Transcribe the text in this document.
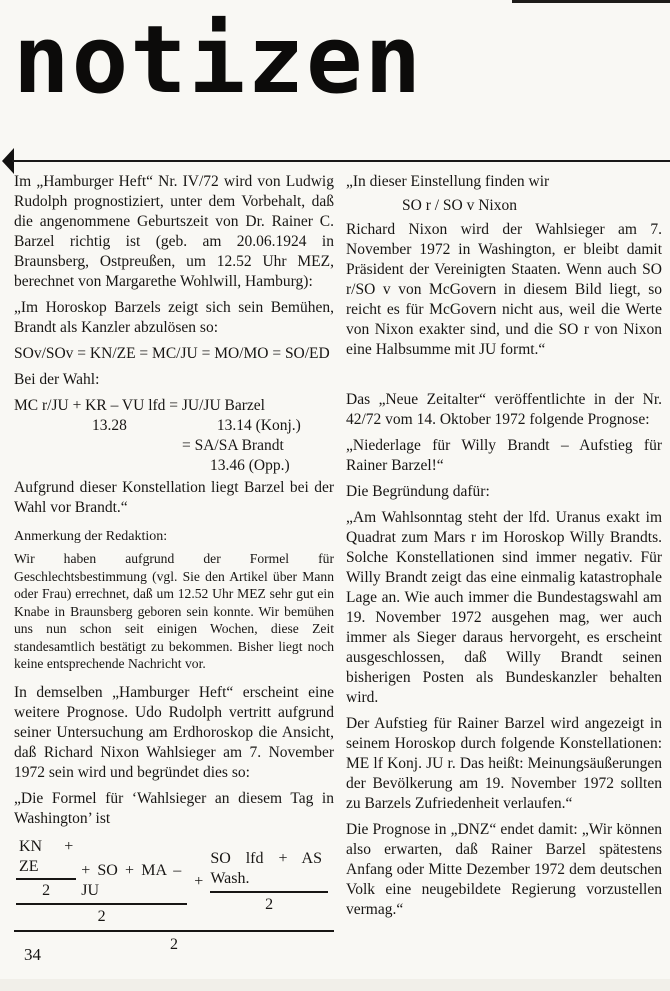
notizen

Im „Hamburger Heft“ Nr. IV/72 wird von Ludwig Rudolph prognostiziert, unter dem Vorbehalt, daß die angenommene Geburtszeit von Dr. Rainer C. Barzel richtig ist (geb. am 20.06.1924 in Braunsberg, Ostpreußen, um 12.52 Uhr MEZ, berechnet von Margarethe Wohlwill, Hamburg):

„Im Horoskop Barzels zeigt sich sein Bemühen, Brandt als Kanzler abzulösen so:

SOv/SOv = KN/ZE = MC/JU = MO/MO = SO/ED
Bei der Wahl:
MC r/JU + KR – VU lfd = JU/JU Barzel
13.28	13.14 (Konj.)
= SA/SA Brandt
13.46 (Opp.)

Aufgrund dieser Konstellation liegt Barzel bei der Wahl vor Brandt.“

Anmerkung der Redaktion:

Wir haben aufgrund der Formel für Geschlechtsbestimmung (vgl. Sie den Artikel über Mann oder Frau) errechnet, daß um 12.52 Uhr MEZ sehr gut ein Knabe in Braunsberg geboren sein konnte. Wir bemühen uns nun schon seit einigen Wochen, diese Zeit standesamtlich bestätigt zu bekommen. Bisher liegt noch keine entsprechende Nachricht vor.

In demselben „Hamburger Heft“ erscheint eine weitere Prognose. Udo Rudolph vertritt aufgrund seiner Untersuchung am Erdhoroskop die Ansicht, daß Richard Nixon Wahlsieger am 7. November 1972 sein wird und begründet dies so:

„Die Formel für ‘Wahlsieger an diesem Tag in Washington’ ist

$\frac{KN + ZE}{2}$ + SO + MA – JU
2
+ $\frac{\text{SO lfd + AS Wash.}}{2}$
2

„In dieser Einstellung finden wir

SO r / SO v Nixon

Richard Nixon wird der Wahlsieger am 7. November 1972 in Washington, er bleibt damit Präsident der Vereinigten Staaten. Wenn auch SO r/SO v von McGovern in diesem Bild liegt, so reicht es für McGovern nicht aus, weil die Werte von Nixon exakter sind, und die SO r von Nixon eine Halbsumme mit JU formt.“

Das „Neue Zeitalter“ veröffentlichte in der Nr. 42/72 vom 14. Oktober 1972 folgende Prognose:

„Niederlage für Willy Brandt – Aufstieg für Rainer Barzel!“

Die Begründung dafür:

„Am Wahlsonntag steht der lfd. Uranus exakt im Quadrat zum Mars r im Horoskop Willy Brandts. Solche Konstellationen sind immer negativ. Für Willy Brandt zeigt das eine einmalig katastrophale Lage an. Wie auch immer die Bundestagswahl am 19. November 1972 ausgehen mag, wer auch immer als Sieger daraus hervorgeht, es erscheint ausgeschlossen, daß Willy Brandt seinen bisherigen Posten als Bundeskanzler behalten wird.

Der Aufstieg für Rainer Barzel wird angezeigt in seinem Horoskop durch folgende Konstellationen: ME lf Konj. JU r. Das heißt: Meinungsäußerungen der Bevölkerung am 19. November 1972 sollten zu Barzels Zufriedenheit verlaufen.“

Die Prognose in „DNZ“ endet damit: „Wir können also erwarten, daß Rainer Barzel spätestens Anfang oder Mitte Dezember 1972 dem deutschen Volk eine neugebildete Regierung vorzustellen vermag.“

34
